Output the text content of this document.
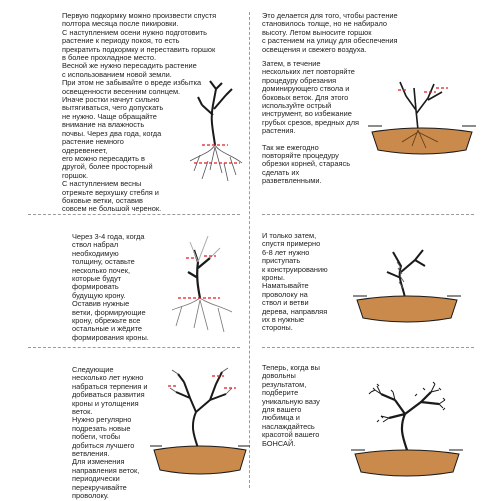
Первую подкормку можно произвести спустя
полтора месяца после пикировки.

С наступлением осени нужно подготовить
растение к периоду покоя, то есть
прекратить подкормку и переставить горшок
в более прохладное место.

Весной же нужно пересадить растение
с использованием новой земли.

При этом не забывайте о вреде избытка
освещенности весенним солнцем.

Иначе ростки начнут сильно
вытягиваться, чего допускать
не нужно. Чаще обращайте
внимание на влажность
почвы. Через два года, когда
растение немного
одеревенеет,
его можно пересадить в
другой, более просторный
горшок.

С наступлением весны
отрежьте верхушку стебля и
боковые ветки, оставив
совсем не большой черенок.

Это делается для того, чтобы растение
становилось толще, но не набирало
высоту. Летом выносите горшок
с растением на улицу для обеспечения
освещения и свежего воздуха.

Затем, в течение
нескольких лет повторяйте
процедуру обрезания
доминирующего ствола и
боковых веток. Для этого
используйте острый
инструмент, во избежание
грубых срезов, вредных для
растения.

Так же ежегодно
повторяйте процедуру
обрезки корней, стараясь
сделать их
разветвленными.

Через 3-4 года, когда
ствол набрал
необходимую
толщину, оставьте
несколько почек,
которые будут
формировать
будущую крону.
Оставив нужные
ветки, формирующие
крону, обрежьте все
остальные и жёдите
формирования кроны.

И только затем,
спустя примерно
6-8 лет нужно
приступать
к конструированию
кроны.
Наматывайте
проволоку на
ствол и ветви
дерева, направляя
их в нужные
стороны.

Следующие
несколько лет нужно
набраться терпения и
добиваться развития
кроны и утолщения
веток.

Нужно регулярно
подрезать новые
побеги, чтобы
добиться лучшего
ветвления.

Для изменения
направления веток,
периодически
перекручивайте
проволоку.

Теперь, когда вы
довольны
результатом,
подберите
уникальную вазу
для вашего
любимца и
наслаждайтесь
красотой вашего
БОНСАЙ.
